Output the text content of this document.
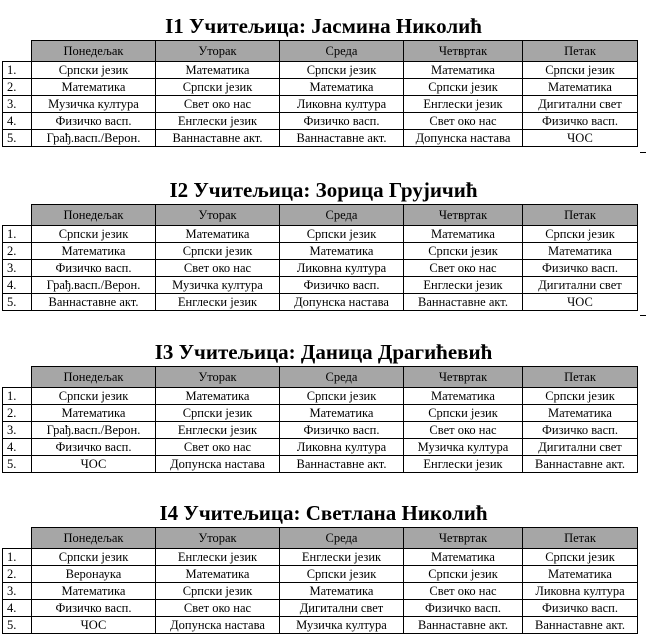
I1 Учитељица: Јасмина Николић
	Понедељак	Уторак	Среда	Четвртак	Петак
1.	Српски језик	Математика	Српски језик	Математика	Српски језик
2.	Математика	Српски језик	Математика	Српски језик	Математика
3.	Музичка култура	Свет око нас	Ликовна култура	Енглески језик	Дигитални свет
4.	Физичко васп.	Енглески језик	Физичко васп.	Свет око нас	Физичко васп.
5.	Грађ.васп./Верон.	Ваннаставне акт.	Ваннаставне акт.	Допунска настава	ЧОС
I2 Учитељица: Зорица Грујичић
	Понедељак	Уторак	Среда	Четвртак	Петак
1.	Српски језик	Математика	Српски језик	Математика	Српски језик
2.	Математика	Српски језик	Математика	Српски језик	Математика
3.	Физичко васп.	Свет око нас	Ликовна култура	Свет око нас	Физичко васп.
4.	Грађ.васп./Верон.	Музичка култура	Физичко васп.	Енглески језик	Дигитални свет
5.	Ваннаставне акт.	Енглески језик	Допунска настава	Ваннаставне акт.	ЧОС
I3 Учитељица: Даница Драгићевић
	Понедељак	Уторак	Среда	Четвртак	Петак
1.	Српски језик	Математика	Српски језик	Математика	Српски језик
2.	Математика	Српски језик	Математика	Српски језик	Математика
3.	Грађ.васп./Верон.	Енглески језик	Физичко васп.	Свет око нас	Физичко васп.
4.	Физичко васп.	Свет око нас	Ликовна култура	Музичка култура	Дигитални свет
5.	ЧОС	Допунска настава	Ваннаставне акт.	Енглески језик	Ваннаставне акт.
I4 Учитељица: Светлана Николић
	Понедељак	Уторак	Среда	Четвртак	Петак
1.	Српски језик	Енглески језик	Енглески језик	Математика	Српски језик
2.	Веронаука	Математика	Српски језик	Српски језик	Математика
3.	Математика	Српски језик	Математика	Свет око нас	Ликовна култура
4.	Физичко васп.	Свет око нас	Дигитални свет	Физичко васп.	Физичко васп.
5.	ЧОС	Допунска настава	Музичка култура	Ваннаставне акт.	Ваннаставне акт.
